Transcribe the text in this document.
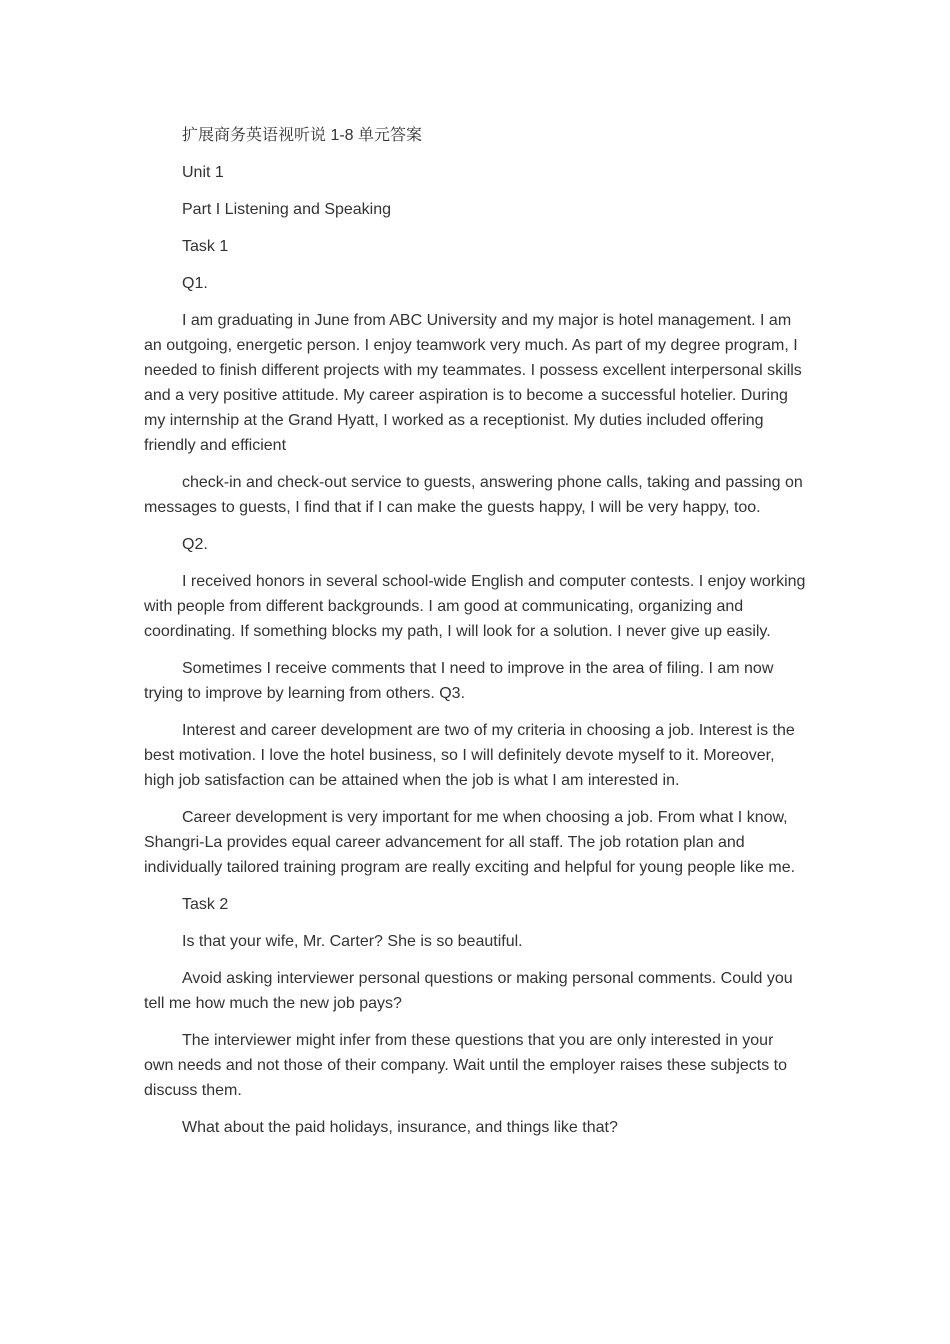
扩展商务英语视听说 1-8 单元答案

Unit 1

Part I Listening and Speaking

Task 1

Q1.

I am graduating in June from ABC University and my major is hotel management. I am an outgoing, energetic person. I enjoy teamwork very much. As part of my degree program, I needed to finish different projects with my teammates. I possess excellent interpersonal skills and a very positive attitude. My career aspiration is to become a successful hotelier. During my internship at the Grand Hyatt, I worked as a receptionist. My duties included offering friendly and efficient

check-in and check-out service to guests, answering phone calls, taking and passing on messages to guests, I find that if I can make the guests happy, I will be very happy, too.

Q2.

I received honors in several school-wide English and computer contests. I enjoy working with people from different backgrounds. I am good at communicating, organizing and coordinating. If something blocks my path, I will look for a solution. I never give up easily.

Sometimes I receive comments that I need to improve in the area of filing. I am now trying to improve by learning from others. Q3.

Interest and career development are two of my criteria in choosing a job. Interest is the best motivation. I love the hotel business, so I will definitely devote myself to it. Moreover, high job satisfaction can be attained when the job is what I am interested in.

Career development is very important for me when choosing a job. From what I know, Shangri-La provides equal career advancement for all staff. The job rotation plan and individually tailored training program are really exciting and helpful for young people like me.

Task 2

Is that your wife, Mr. Carter? She is so beautiful.

Avoid asking interviewer personal questions or making personal comments. Could you tell me how much the new job pays?

The interviewer might infer from these questions that you are only interested in your own needs and not those of their company. Wait until the employer raises these subjects to discuss them.

What about the paid holidays, insurance, and things like that?
